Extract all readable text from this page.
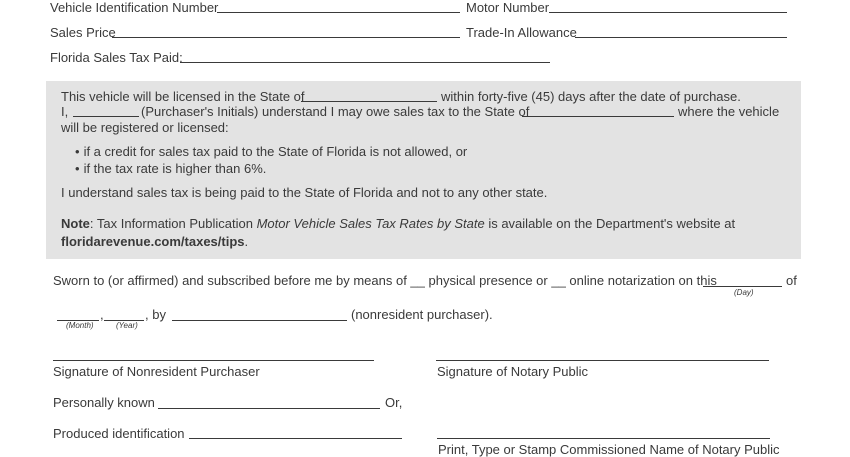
Vehicle Identification Number	Motor Number
Sales Price	Trade-In Allowance
Florida Sales Tax Paid:
This vehicle will be licensed in the State of	within forty-five (45) days after the date of purchase.
I,	(Purchaser's Initials) understand I may owe sales tax to the State of	where the vehicle
will be registered or licensed:
• if a credit for sales tax paid to the State of Florida is not allowed, or
• if the tax rate is higher than 6%.
I understand sales tax is being paid to the State of Florida and not to any other state.
Note: Tax Information Publication Motor Vehicle Sales Tax Rates by State is available on the Department's website at
floridarevenue.com/taxes/tips.
Sworn to (or affirmed) and subscribed before me by means of __ physical presence or __ online notarization on this
(Day)
of
,	, by	(nonresident purchaser).
(Month)	(Year)
Signature of Nonresident Purchaser	Signature of Notary Public
Personally known	Or,
Produced identification
Print, Type or Stamp Commissioned Name of Notary Public
